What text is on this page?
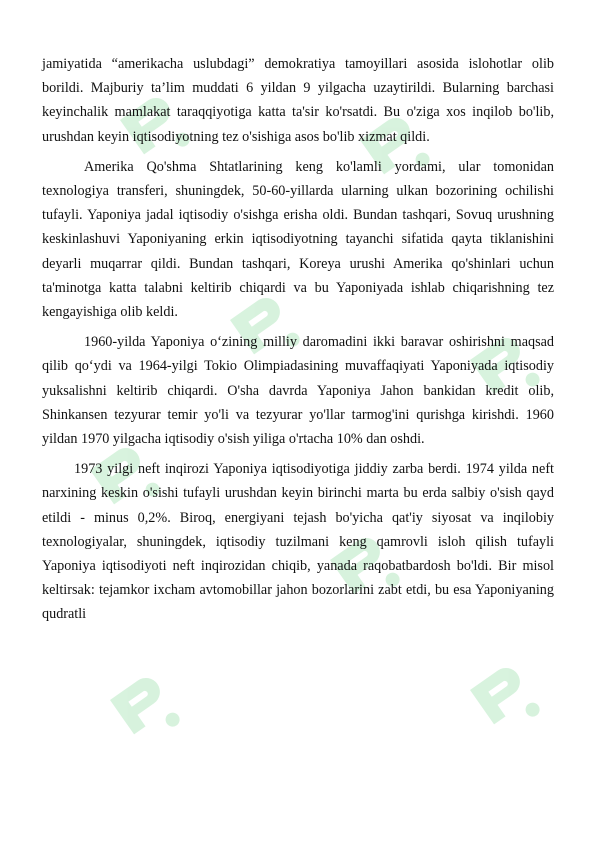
jamiyatida “amerikacha uslubdagi” demokratiya tamoyillari asosida islohotlar olib borildi. Majburiy ta’lim muddati 6 yildan 9 yilgacha uzaytirildi. Bularning barchasi keyinchalik mamlakat taraqqiyotiga katta ta'sir ko'rsatdi. Bu o'ziga xos inqilob bo'lib, urushdan keyin iqtisodiyotning tez o'sishiga asos bo'lib xizmat qildi.

Amerika Qo'shma Shtatlarining keng ko'lamli yordami, ular tomonidan texnologiya transferi, shuningdek, 50-60-yillarda ularning ulkan bozorining ochilishi tufayli. Yaponiya jadal iqtisodiy o'sishga erisha oldi. Bundan tashqari, Sovuq urushning keskinlashuvi Yaponiyaning erkin iqtisodiyotning tayanchi sifatida qayta tiklanishini deyarli muqarrar qildi. Bundan tashqari, Koreya urushi Amerika qo'shinlari uchun ta'minotga katta talabni keltirib chiqardi va bu Yaponiyada ishlab chiqarishning tez kengayishiga olib keldi.

1960-yilda Yaponiya o‘zining milliy daromadini ikki baravar oshirishni maqsad qilib qo‘ydi va 1964-yilgi Tokio Olimpiadasining muvaffaqiyati Yaponiyada iqtisodiy yuksalishni keltirib chiqardi. O'sha davrda Yaponiya Jahon bankidan kredit olib, Shinkansen tezyurar temir yo'li va tezyurar yo'llar tarmog'ini qurishga kirishdi. 1960 yildan 1970 yilgacha iqtisodiy o'sish yiliga o'rtacha 10% dan oshdi.

1973 yilgi neft inqirozi Yaponiya iqtisodiyotiga jiddiy zarba berdi. 1974 yilda neft narxining keskin o'sishi tufayli urushdan keyin birinchi marta bu erda salbiy o'sish qayd etildi - minus 0,2%. Biroq, energiyani tejash bo'yicha qat'iy siyosat va inqilobiy texnologiyalar, shuningdek, iqtisodiy tuzilmani keng qamrovli isloh qilish tufayli Yaponiya iqtisodiyoti neft inqirozidan chiqib, yanada raqobatbardosh bo'ldi. Bir misol keltirsak: tejamkor ixcham avtomobillar jahon bozorlarini zabt etdi, bu esa Yaponiyaning qudratli
